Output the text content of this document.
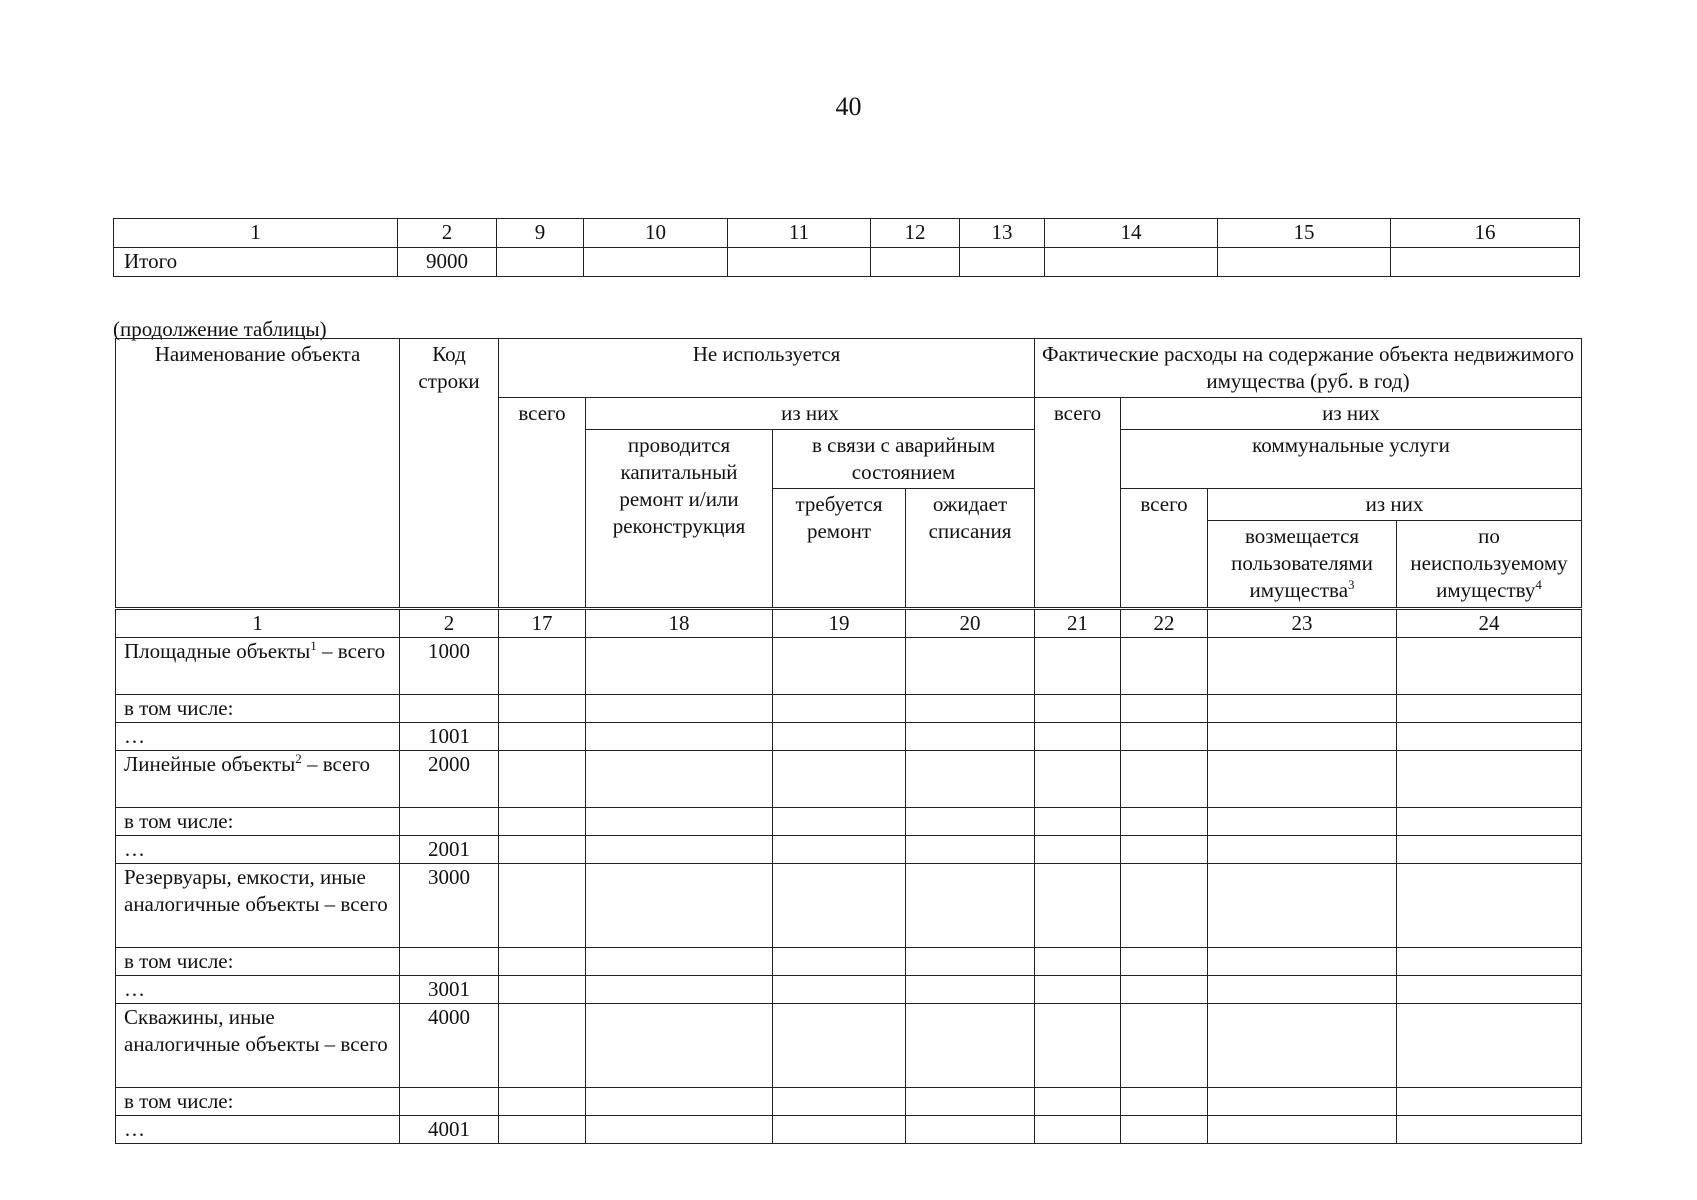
40
1	2	9	10	11	12	13	14	15	16
Итого	9000								
(продолжение таблицы)
Наименование объекта	Код строки	Не используется				Фактические расходы на содержание объекта недвижимого имущества (руб. в год)			
		всего	из них			всего	из них		
			проводится капитальный ремонт и/или реконструкция	в связи с аварийным состоянием			коммунальные услуги		
				требуется ремонт	ожидает списания		всего	из них	
								возмещается пользователями имущества$^3$	по неиспользуемому имуществу$^4$
1	2	17	18	19	20	21	22	23	24
Площадные объекты$^1$ – всего	1000								
в том числе:									
…	1001								
Линейные объекты$^2$ – всего	2000								
в том числе:									
…	2001								
Резервуары, емкости, иные аналогичные объекты – всего	3000								
в том числе:									
…	3001								
Скважины, иные аналогичные объекты – всего	4000								
в том числе:									
…	4001								
